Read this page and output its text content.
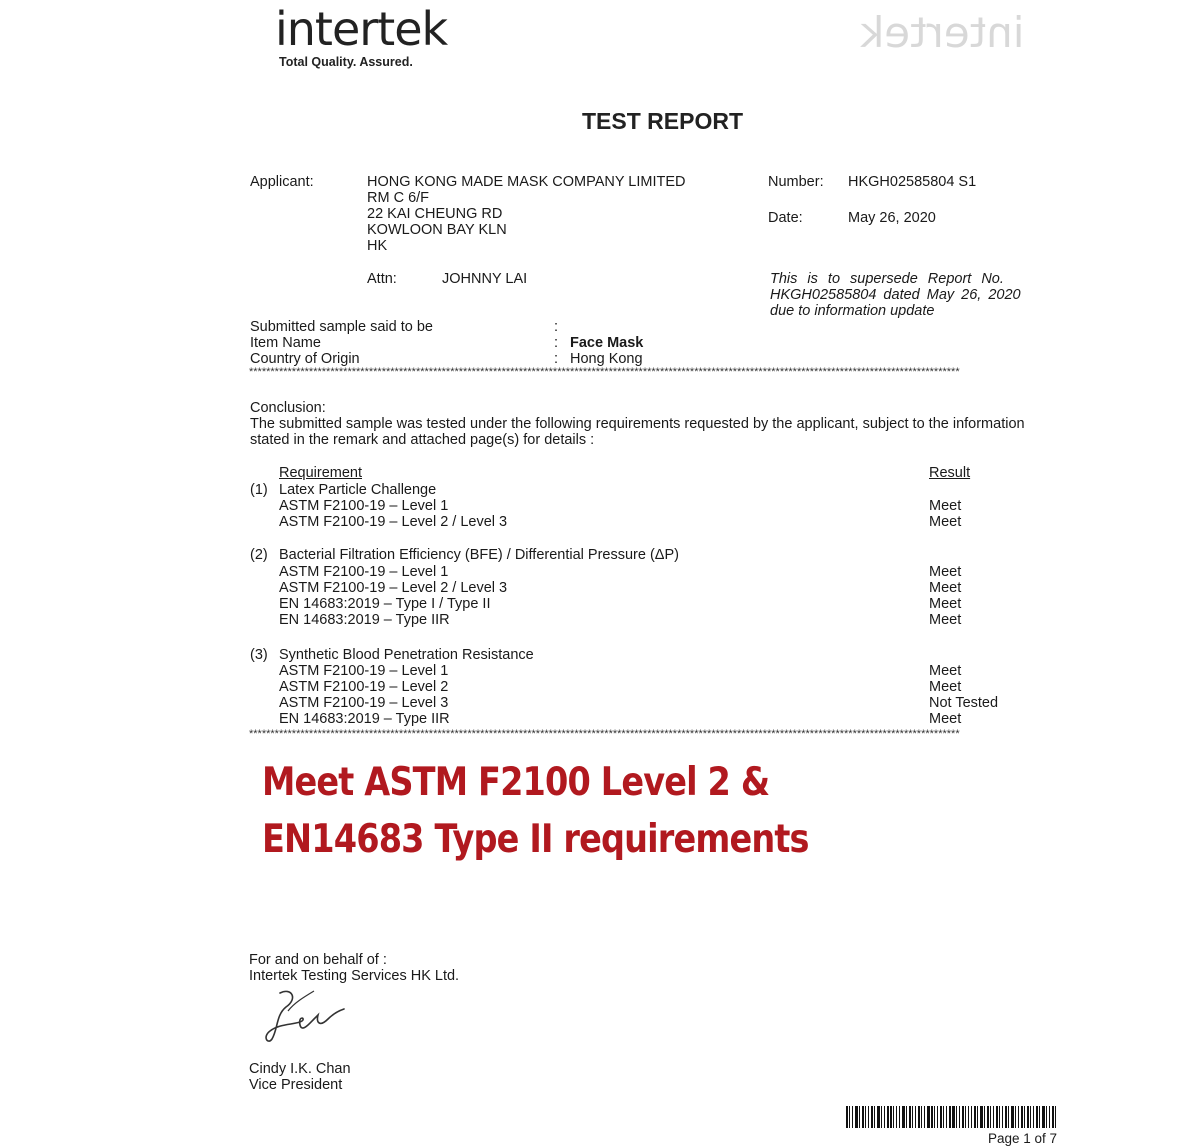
intertek
Total Quality. Assured.
intertek
TEST REPORT
Applicant:	HONG KONG MADE MASK COMPANY LIMITED
RM C 6/F
22 KAI CHEUNG RD
KOWLOON BAY KLN
HK
Attn:	JOHNNY LAI
Number: HKGH02585804 S1
Date:	May 26, 2020
This is to supersede Report No.
HKGH02585804 dated May 26, 2020
due to information update
Submitted sample said to be	:
Item Name	: Face Mask
Country of Origin	: Hong Kong
**********************************************************************************************************************************************************************
Conclusion:
The submitted sample was tested under the following requirements requested by the applicant, subject to the information
stated in the remark and attached page(s) for details :
Requirement	Result
(1) Latex Particle Challenge
ASTM F2100-19 – Level 1	Meet
ASTM F2100-19 – Level 2 / Level 3	Meet
(2) Bacterial Filtration Efficiency (BFE) / Differential Pressure (ΔP)
ASTM F2100-19 – Level 1	Meet
ASTM F2100-19 – Level 2 / Level 3	Meet
EN 14683:2019 – Type I / Type II	Meet
EN 14683:2019 – Type IIR	Meet
(3) Synthetic Blood Penetration Resistance
ASTM F2100-19 – Level 1	Meet
ASTM F2100-19 – Level 2	Meet
ASTM F2100-19 – Level 3	Not Tested
EN 14683:2019 – Type IIR	Meet
**********************************************************************************************************************************************************************
Meet ASTM F2100 Level 2 &
EN14683 Type II requirements
For and on behalf of :
Intertek Testing Services HK Ltd.
Cindy I.K. Chan
Vice President
Page 1 of 7
